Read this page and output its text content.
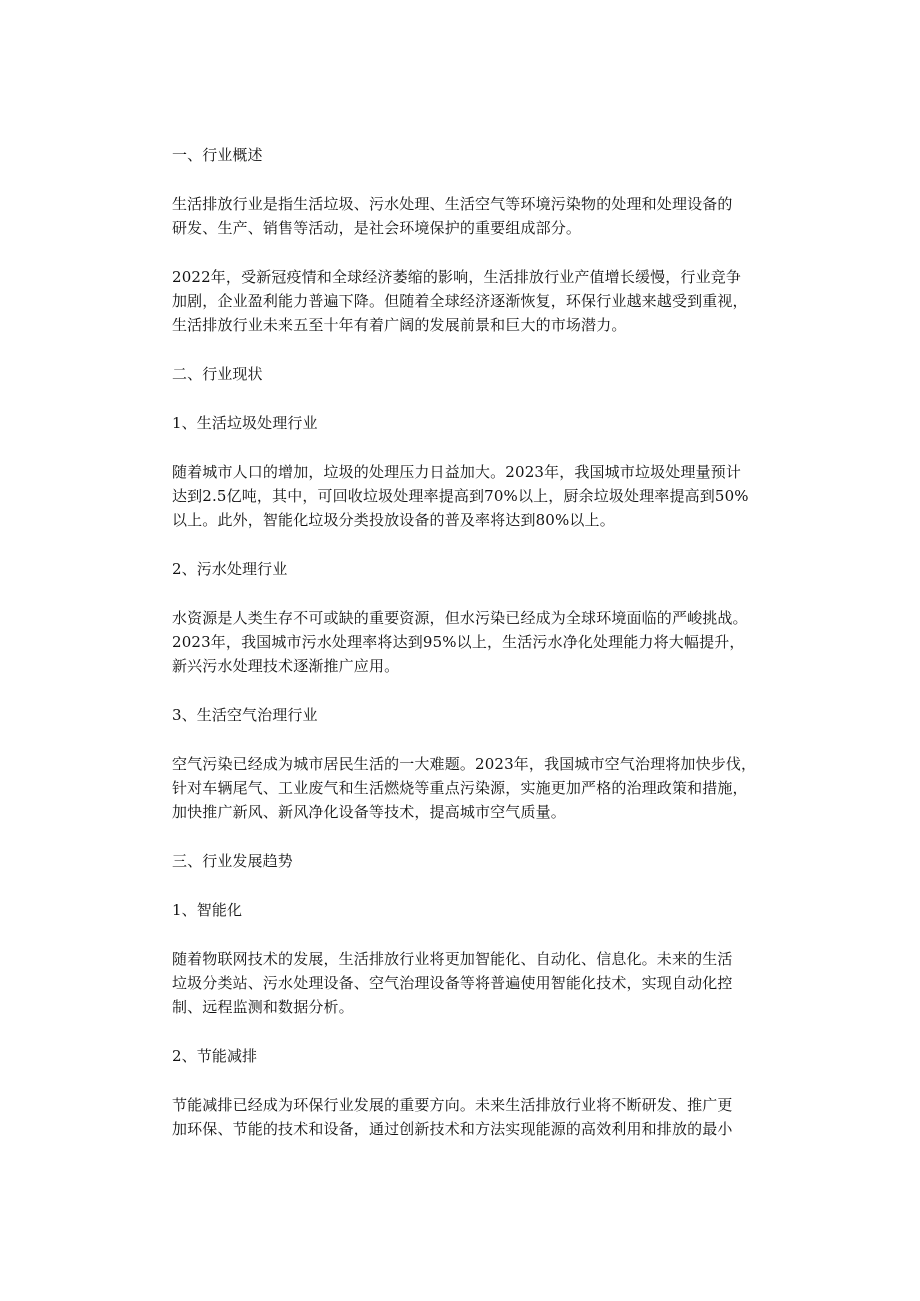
一、行业概述
生活排放行业是指生活垃圾、污水处理、生活空气等环境污染物的处理和处理设备的
研发、生产、销售等活动，是社会环境保护的重要组成部分。
2022年，受新冠疫情和全球经济萎缩的影响，生活排放行业产值增长缓慢，行业竞争
加剧，企业盈利能力普遍下降。但随着全球经济逐渐恢复，环保行业越来越受到重视，
生活排放行业未来五至十年有着广阔的发展前景和巨大的市场潜力。
二、行业现状
1、生活垃圾处理行业
随着城市人口的增加，垃圾的处理压力日益加大。2023年，我国城市垃圾处理量预计
达到2.5亿吨，其中，可回收垃圾处理率提高到70%以上，厨余垃圾处理率提高到50%
以上。此外，智能化垃圾分类投放设备的普及率将达到80%以上。
2、污水处理行业
水资源是人类生存不可或缺的重要资源，但水污染已经成为全球环境面临的严峻挑战。
2023年，我国城市污水处理率将达到95%以上，生活污水净化处理能力将大幅提升，
新兴污水处理技术逐渐推广应用。
3、生活空气治理行业
空气污染已经成为城市居民生活的一大难题。2023年，我国城市空气治理将加快步伐，
针对车辆尾气、工业废气和生活燃烧等重点污染源，实施更加严格的治理政策和措施，
加快推广新风、新风净化设备等技术，提高城市空气质量。
三、行业发展趋势
1、智能化
随着物联网技术的发展，生活排放行业将更加智能化、自动化、信息化。未来的生活
垃圾分类站、污水处理设备、空气治理设备等将普遍使用智能化技术，实现自动化控
制、远程监测和数据分析。
2、节能减排
节能减排已经成为环保行业发展的重要方向。未来生活排放行业将不断研发、推广更
加环保、节能的技术和设备，通过创新技术和方法实现能源的高效利用和排放的最小
